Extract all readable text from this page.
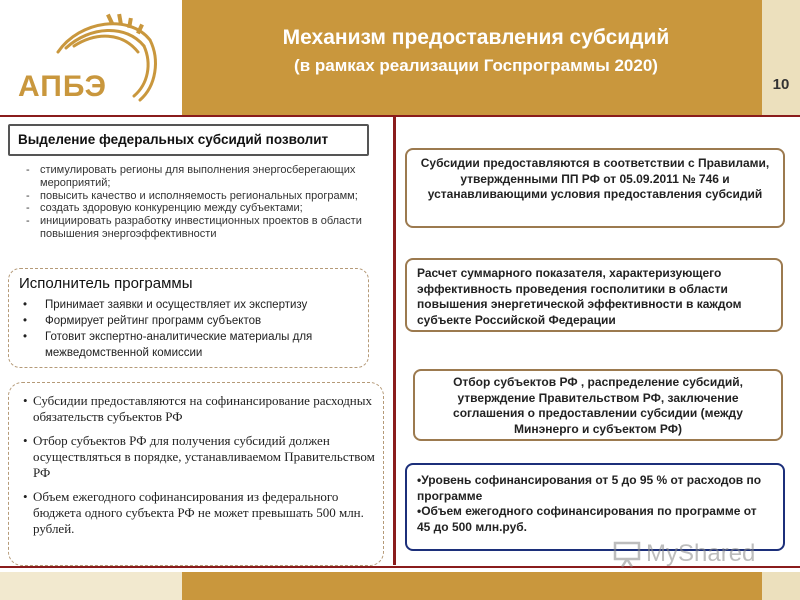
АПБЭ
Механизм предоставления субсидий
(в рамках реализации Госпрограммы 2020)
10
Выделение федеральных субсидий позволит
- стимулировать регионы для выполнения энергосберегающих мероприятий;
- повысить качество и исполняемость региональных программ;
- создать здоровую конкуренцию между субъектами;
- инициировать разработку инвестиционных проектов в области повышения энергоэффективности
Исполнитель программы
• Принимает заявки и осуществляет их экспертизу
• Формирует рейтинг программ субъектов
• Готовит экспертно-аналитические материалы для межведомственной комиссии
• Субсидии предоставляются на софинансирование расходных обязательств субъектов РФ
• Отбор субъектов РФ для получения субсидий должен осуществляться в порядке, устанавливаемом Правительством РФ
• Объем ежегодного софинансирования из федерального бюджета одного субъекта РФ не может превышать 500 млн. рублей.
Субсидии предоставляются в соответствии с Правилами, утвержденными ПП РФ от 05.09.2011 № 746 и устанавливающими условия предоставления субсидий
Расчет суммарного показателя, характеризующего эффективность проведения госполитики в области повышения энергетической эффективности в каждом субъекте Российской Федерации
Отбор субъектов РФ , распределение субсидий, утверждение Правительством РФ, заключение соглашения о предоставлении субсидии (между Минэнерго и субъектом РФ)
•Уровень софинансирования от 5 до 95 % от расходов по программе
•Объем ежегодного софинансирования по программе от 45 до 500 млн.руб.
MyShared
